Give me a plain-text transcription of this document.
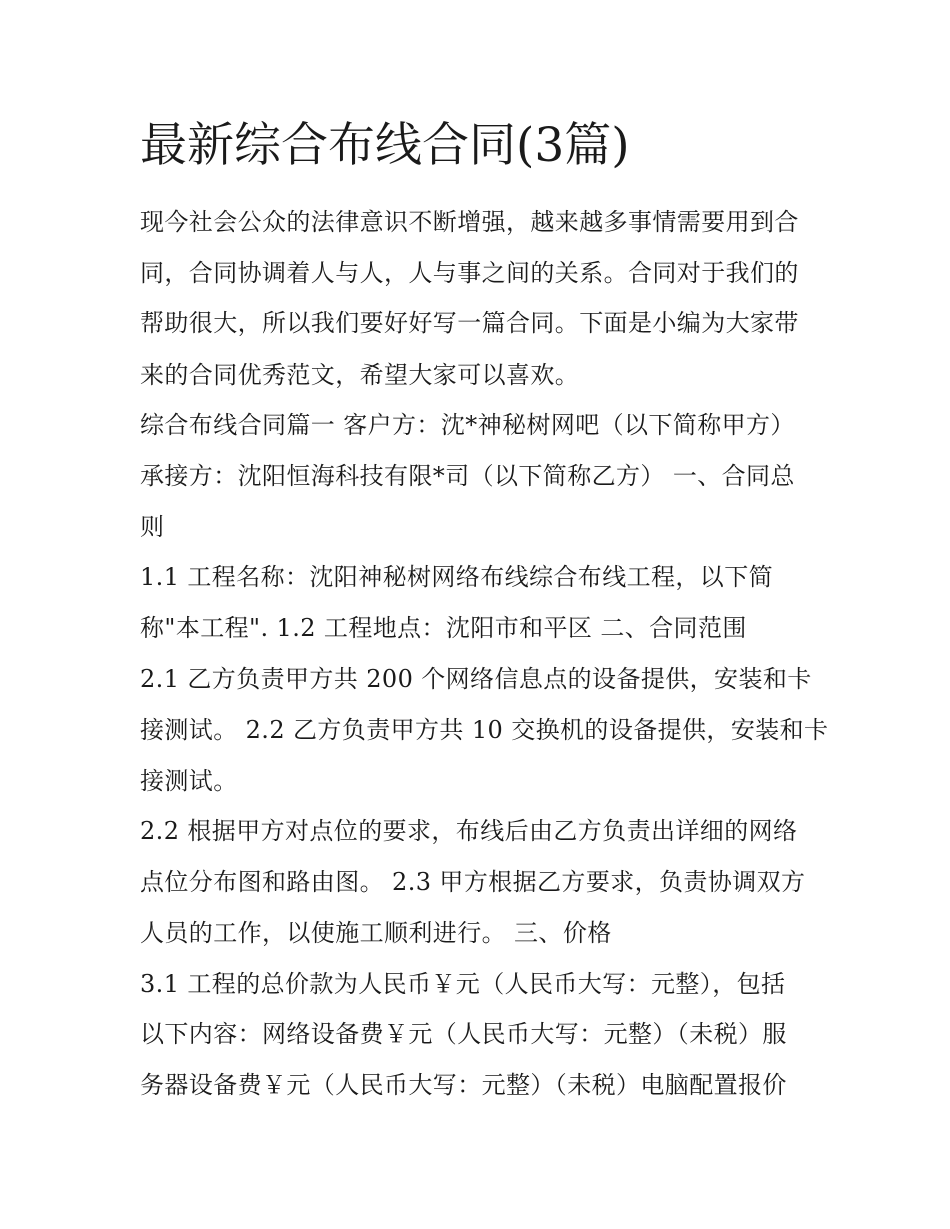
最新综合布线合同(3篇)

现今社会公众的法律意识不断增强，越来越多事情需要用到合

同，合同协调着人与人，人与事之间的关系。合同对于我们的

帮助很大，所以我们要好好写一篇合同。下面是小编为大家带

来的合同优秀范文，希望大家可以喜欢。

综合布线合同篇一 客户方：沈*神秘树网吧（以下简称甲方）

承接方：沈阳恒海科技有限*司（以下简称乙方） 一、合同总

则

1.1 工程名称：沈阳神秘树网络布线综合布线工程，以下简

称"本工程". 1.2 工程地点：沈阳市和平区 二、合同范围

2.1 乙方负责甲方共 200 个网络信息点的设备提供，安装和卡

接测试。 2.2 乙方负责甲方共 10 交换机的设备提供，安装和卡

接测试。

2.2 根据甲方对点位的要求，布线后由乙方负责出详细的网络

点位分布图和路由图。 2.3 甲方根据乙方要求，负责协调双方

人员的工作，以使施工顺利进行。 三、价格

3.1 工程的总价款为人民币￥元（人民币大写：元整），包括

以下内容：网络设备费￥元（人民币大写：元整）（未税）服

务器设备费￥元（人民币大写：元整）（未税）电脑配置报价
